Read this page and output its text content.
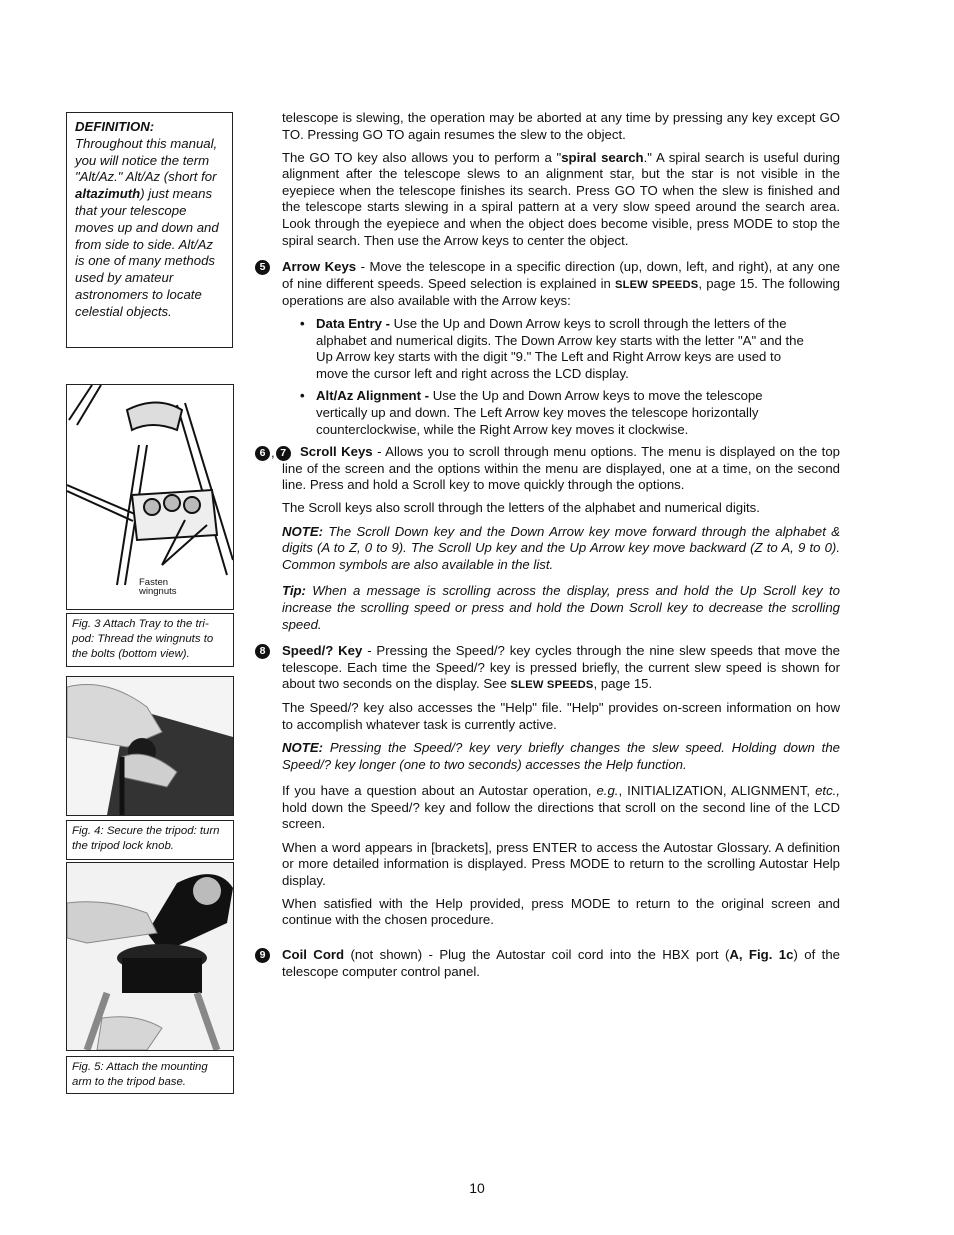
DEFINITION:
Throughout this manual, you will notice the term "Alt/Az." Alt/Az (short for altazimuth) just means that your telescope moves up and down and from side to side. Alt/Az is one of many methods used by amateur astronomers to locate celestial objects.
Fasten
wingnuts
Fig. 3 Attach Tray to the tri-pod: Thread the wingnuts to the bolts (bottom view).
Fig. 4: Secure the tripod: turn the tripod lock knob.
Fig. 5: Attach the mounting arm to the tripod base.

telescope is slewing, the operation may be aborted at any time by pressing any key except GO TO. Pressing GO TO again resumes the slew to the object.

The GO TO key also allows you to perform a "spiral search." A spiral search is useful during alignment after the telescope slews to an alignment star, but the star is not visible in the eyepiece when the telescope finishes its search. Press GO TO when the slew is finished and the telescope starts slewing in a spiral pattern at a very slow speed around the search area. Look through the eyepiece and when the object does become visible, press MODE to stop the spiral search. Then use the Arrow keys to center the object.

5	Arrow Keys - Move the telescope in a specific direction (up, down, left, and right), at any one of nine different speeds. Speed selection is explained in SLEW SPEEDS, page 15. The following operations are also available with the Arrow keys:

• Data Entry - Use the Up and Down Arrow keys to scroll through the letters of the alphabet and numerical digits. The Down Arrow key starts with the letter "A" and the Up Arrow key starts with the digit "9." The Left and Right Arrow keys are used to move the cursor left and right across the LCD display.
• Alt/Az Alignment - Use the Up and Down Arrow keys to move the telescope vertically up and down. The Left Arrow key moves the telescope horizontally counterclockwise, while the Right Arrow key moves it clockwise.
6 , 7	Scroll Keys - Allows you to scroll through menu options. The menu is displayed on the top line of the screen and the options within the menu are displayed, one at a time, on the second line. Press and hold a Scroll key to move quickly through the options.

The Scroll keys also scroll through the letters of the alphabet and numerical digits.

NOTE: The Scroll Down key and the Down Arrow key move forward through the alphabet & digits (A to Z, 0 to 9). The Scroll Up key and the Up Arrow key move backward (Z to A, 9 to 0). Common symbols are also available in the list.

Tip: When a message is scrolling across the display, press and hold the Up Scroll key to increase the scrolling speed or press and hold the Down Scroll key to decrease the scrolling speed.

8	Speed/? Key - Pressing the Speed/? key cycles through the nine slew speeds that move the telescope. Each time the Speed/? key is pressed briefly, the current slew speed is shown for about two seconds on the display. See SLEW SPEEDS, page 15.

The Speed/? key also accesses the "Help" file. "Help" provides on-screen information on how to accomplish whatever task is currently active.

NOTE: Pressing the Speed/? key very briefly changes the slew speed. Holding down the Speed/? key longer (one to two seconds) accesses the Help function.

If you have a question about an Autostar operation, e.g., INITIALIZATION, ALIGNMENT, etc., hold down the Speed/? key and follow the directions that scroll on the second line of the LCD screen.

When a word appears in [brackets], press ENTER to access the Autostar Glossary. A definition or more detailed information is displayed. Press MODE to return to the scrolling Autostar Help display.

When satisfied with the Help provided, press MODE to return to the original screen and continue with the chosen procedure.

9	Coil Cord (not shown) - Plug the Autostar coil cord into the HBX port (A, Fig. 1c) of the telescope computer control panel.

10
